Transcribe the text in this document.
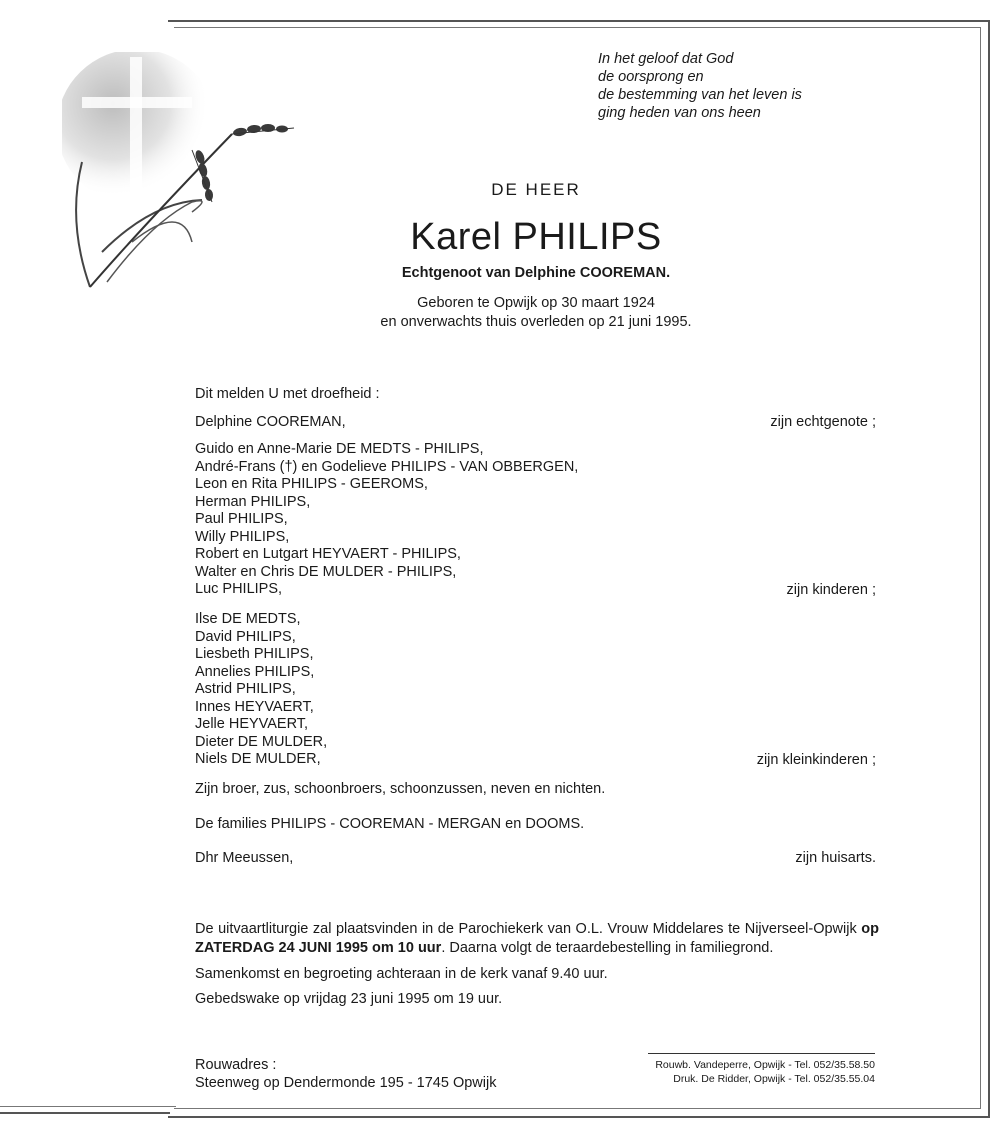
In het geloof dat God
de oorsprong en
de bestemming van het leven is
ging heden van ons heen
DE HEER
Karel PHILIPS
Echtgenoot van Delphine COOREMAN.
Geboren te Opwijk op 30 maart 1924
en onverwachts thuis overleden op 21 juni 1995.
Dit melden U met droefheid :
Delphine COOREMAN,	zijn echtgenote ;
Guido en Anne-Marie DE MEDTS - PHILIPS,
André-Frans (†) en Godelieve PHILIPS - VAN OBBERGEN,
Leon en Rita PHILIPS - GEEROMS,
Herman PHILIPS,
Paul PHILIPS,
Willy PHILIPS,
Robert en Lutgart HEYVAERT - PHILIPS,
Walter en Chris DE MULDER - PHILIPS,
Luc PHILIPS,	zijn kinderen ;
Ilse DE MEDTS,
David PHILIPS,
Liesbeth PHILIPS,
Annelies PHILIPS,
Astrid PHILIPS,
Innes HEYVAERT,
Jelle HEYVAERT,
Dieter DE MULDER,
Niels DE MULDER,	zijn kleinkinderen ;
Zijn broer, zus, schoonbroers, schoonzussen, neven en nichten.
De families PHILIPS - COOREMAN - MERGAN en DOOMS.
Dhr Meeussen,	zijn huisarts.
De uitvaartliturgie zal plaatsvinden in de Parochiekerk van O.L. Vrouw Middelares te Nijverseel-Opwijk op ZATERDAG 24 JUNI 1995 om 10 uur. Daarna volgt de teraardebestelling in familiegrond.
Samenkomst en begroeting achteraan in de kerk vanaf 9.40 uur.
Gebedswake op vrijdag 23 juni 1995 om 19 uur.
Rouwadres :
Steenweg op Dendermonde 195 - 1745 Opwijk
Rouwb. Vandeperre, Opwijk - Tel. 052/35.58.50
Druk. De Ridder, Opwijk - Tel. 052/35.55.04
